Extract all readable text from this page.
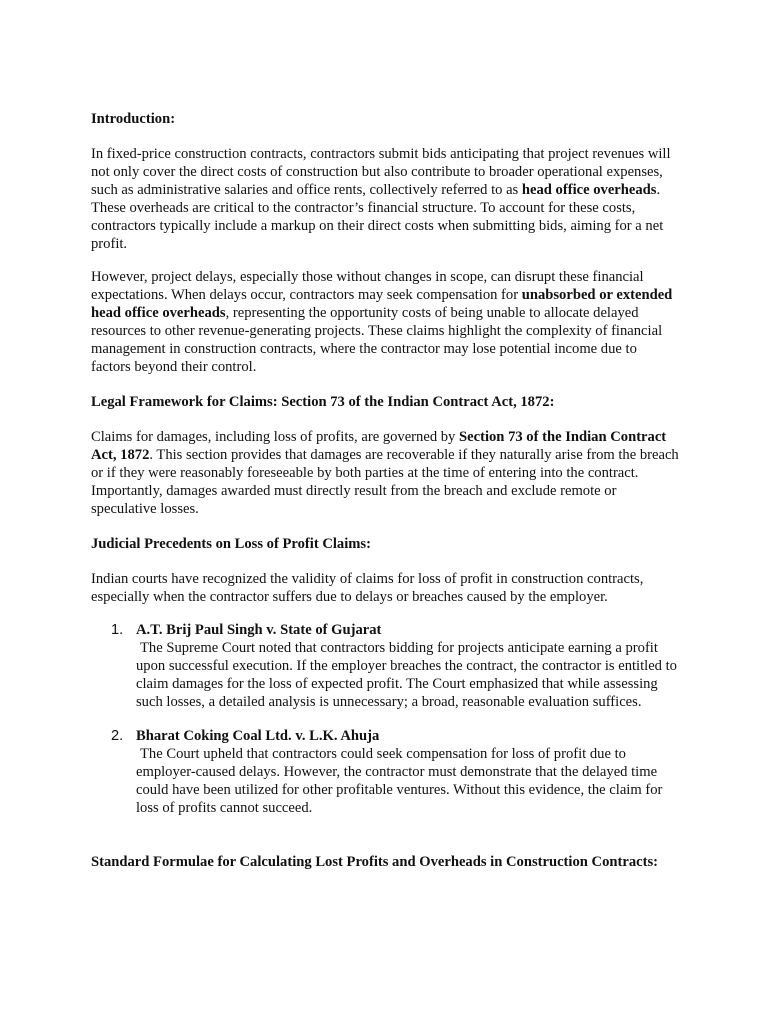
Introduction:

In fixed-price construction contracts, contractors submit bids anticipating that project revenues will not only cover the direct costs of construction but also contribute to broader operational expenses, such as administrative salaries and office rents, collectively referred to as head office overheads. These overheads are critical to the contractor’s financial structure. To account for these costs, contractors typically include a markup on their direct costs when submitting bids, aiming for a net profit.

However, project delays, especially those without changes in scope, can disrupt these financial expectations. When delays occur, contractors may seek compensation for unabsorbed or extended head office overheads, representing the opportunity costs of being unable to allocate delayed resources to other revenue-generating projects. These claims highlight the complexity of financial management in construction contracts, where the contractor may lose potential income due to factors beyond their control.

Legal Framework for Claims: Section 73 of the Indian Contract Act, 1872:

Claims for damages, including loss of profits, are governed by Section 73 of the Indian Contract Act, 1872. This section provides that damages are recoverable if they naturally arise from the breach or if they were reasonably foreseeable by both parties at the time of entering into the contract. Importantly, damages awarded must directly result from the breach and exclude remote or speculative losses.

Judicial Precedents on Loss of Profit Claims:

Indian courts have recognized the validity of claims for loss of profit in construction contracts, especially when the contractor suffers due to delays or breaches caused by the employer.

1. A.T. Brij Paul Singh v. State of Gujarat
The Supreme Court noted that contractors bidding for projects anticipate earning a profit upon successful execution. If the employer breaches the contract, the contractor is entitled to claim damages for the loss of expected profit. The Court emphasized that while assessing such losses, a detailed analysis is unnecessary; a broad, reasonable evaluation suffices.
2. Bharat Coking Coal Ltd. v. L.K. Ahuja
The Court upheld that contractors could seek compensation for loss of profit due to employer-caused delays. However, the contractor must demonstrate that the delayed time could have been utilized for other profitable ventures. Without this evidence, the claim for loss of profits cannot succeed.

Standard Formulae for Calculating Lost Profits and Overheads in Construction Contracts:
